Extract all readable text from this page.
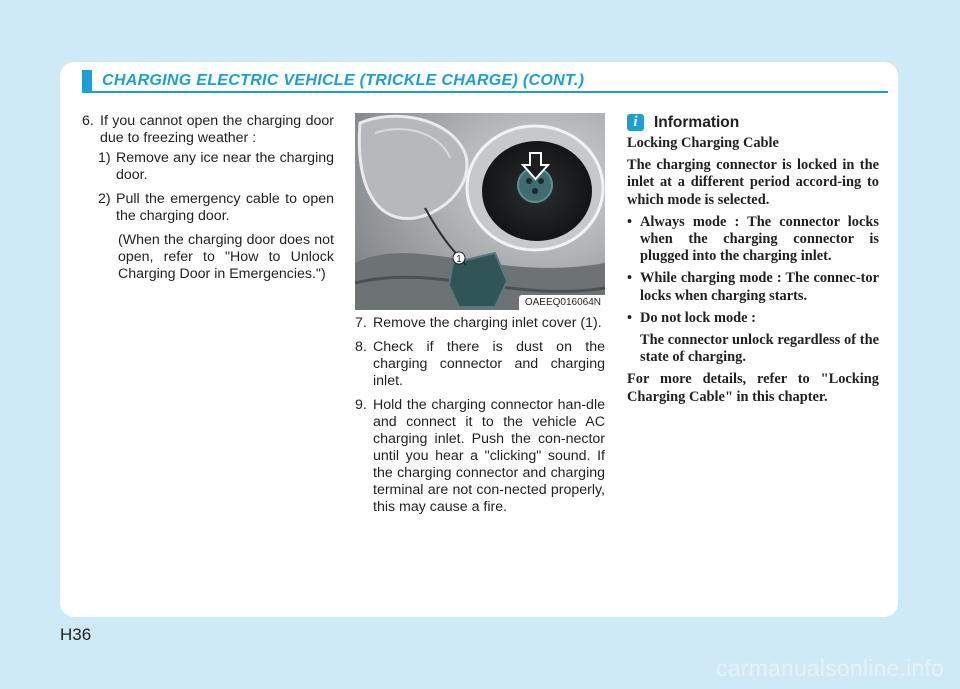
CHARGING ELECTRIC VEHICLE (TRICKLE CHARGE) (CONT.)
6. If you cannot open the charging door due to freezing weather :
1) Remove any ice near the charging door.
2) Pull the emergency cable to open the charging door.
(When the charging door does not open, refer to "How to Unlock Charging Door in Emergencies.")
1
OAEEQ016064N
7. Remove the charging inlet cover (1).
8. Check if there is dust on the charging connector and charging inlet.
9. Hold the charging connector han-dle and connect it to the vehicle AC charging inlet. Push the con-nector until you hear a "clicking" sound. If the charging connector and charging terminal are not con-nected properly, this may cause a fire.
i	Information

Locking Charging Cable

The charging connector is locked in the inlet at a different period accord-ing to which mode is selected.

• Always mode : The connector locks when the charging connector is plugged into the charging inlet.
• While charging mode : The connec-tor locks when charging starts.
• Do not lock mode :
The connector unlock regardless of the state of charging.

For more details, refer to "Locking Charging Cable" in this chapter.

H36
carmanualsonline.info
